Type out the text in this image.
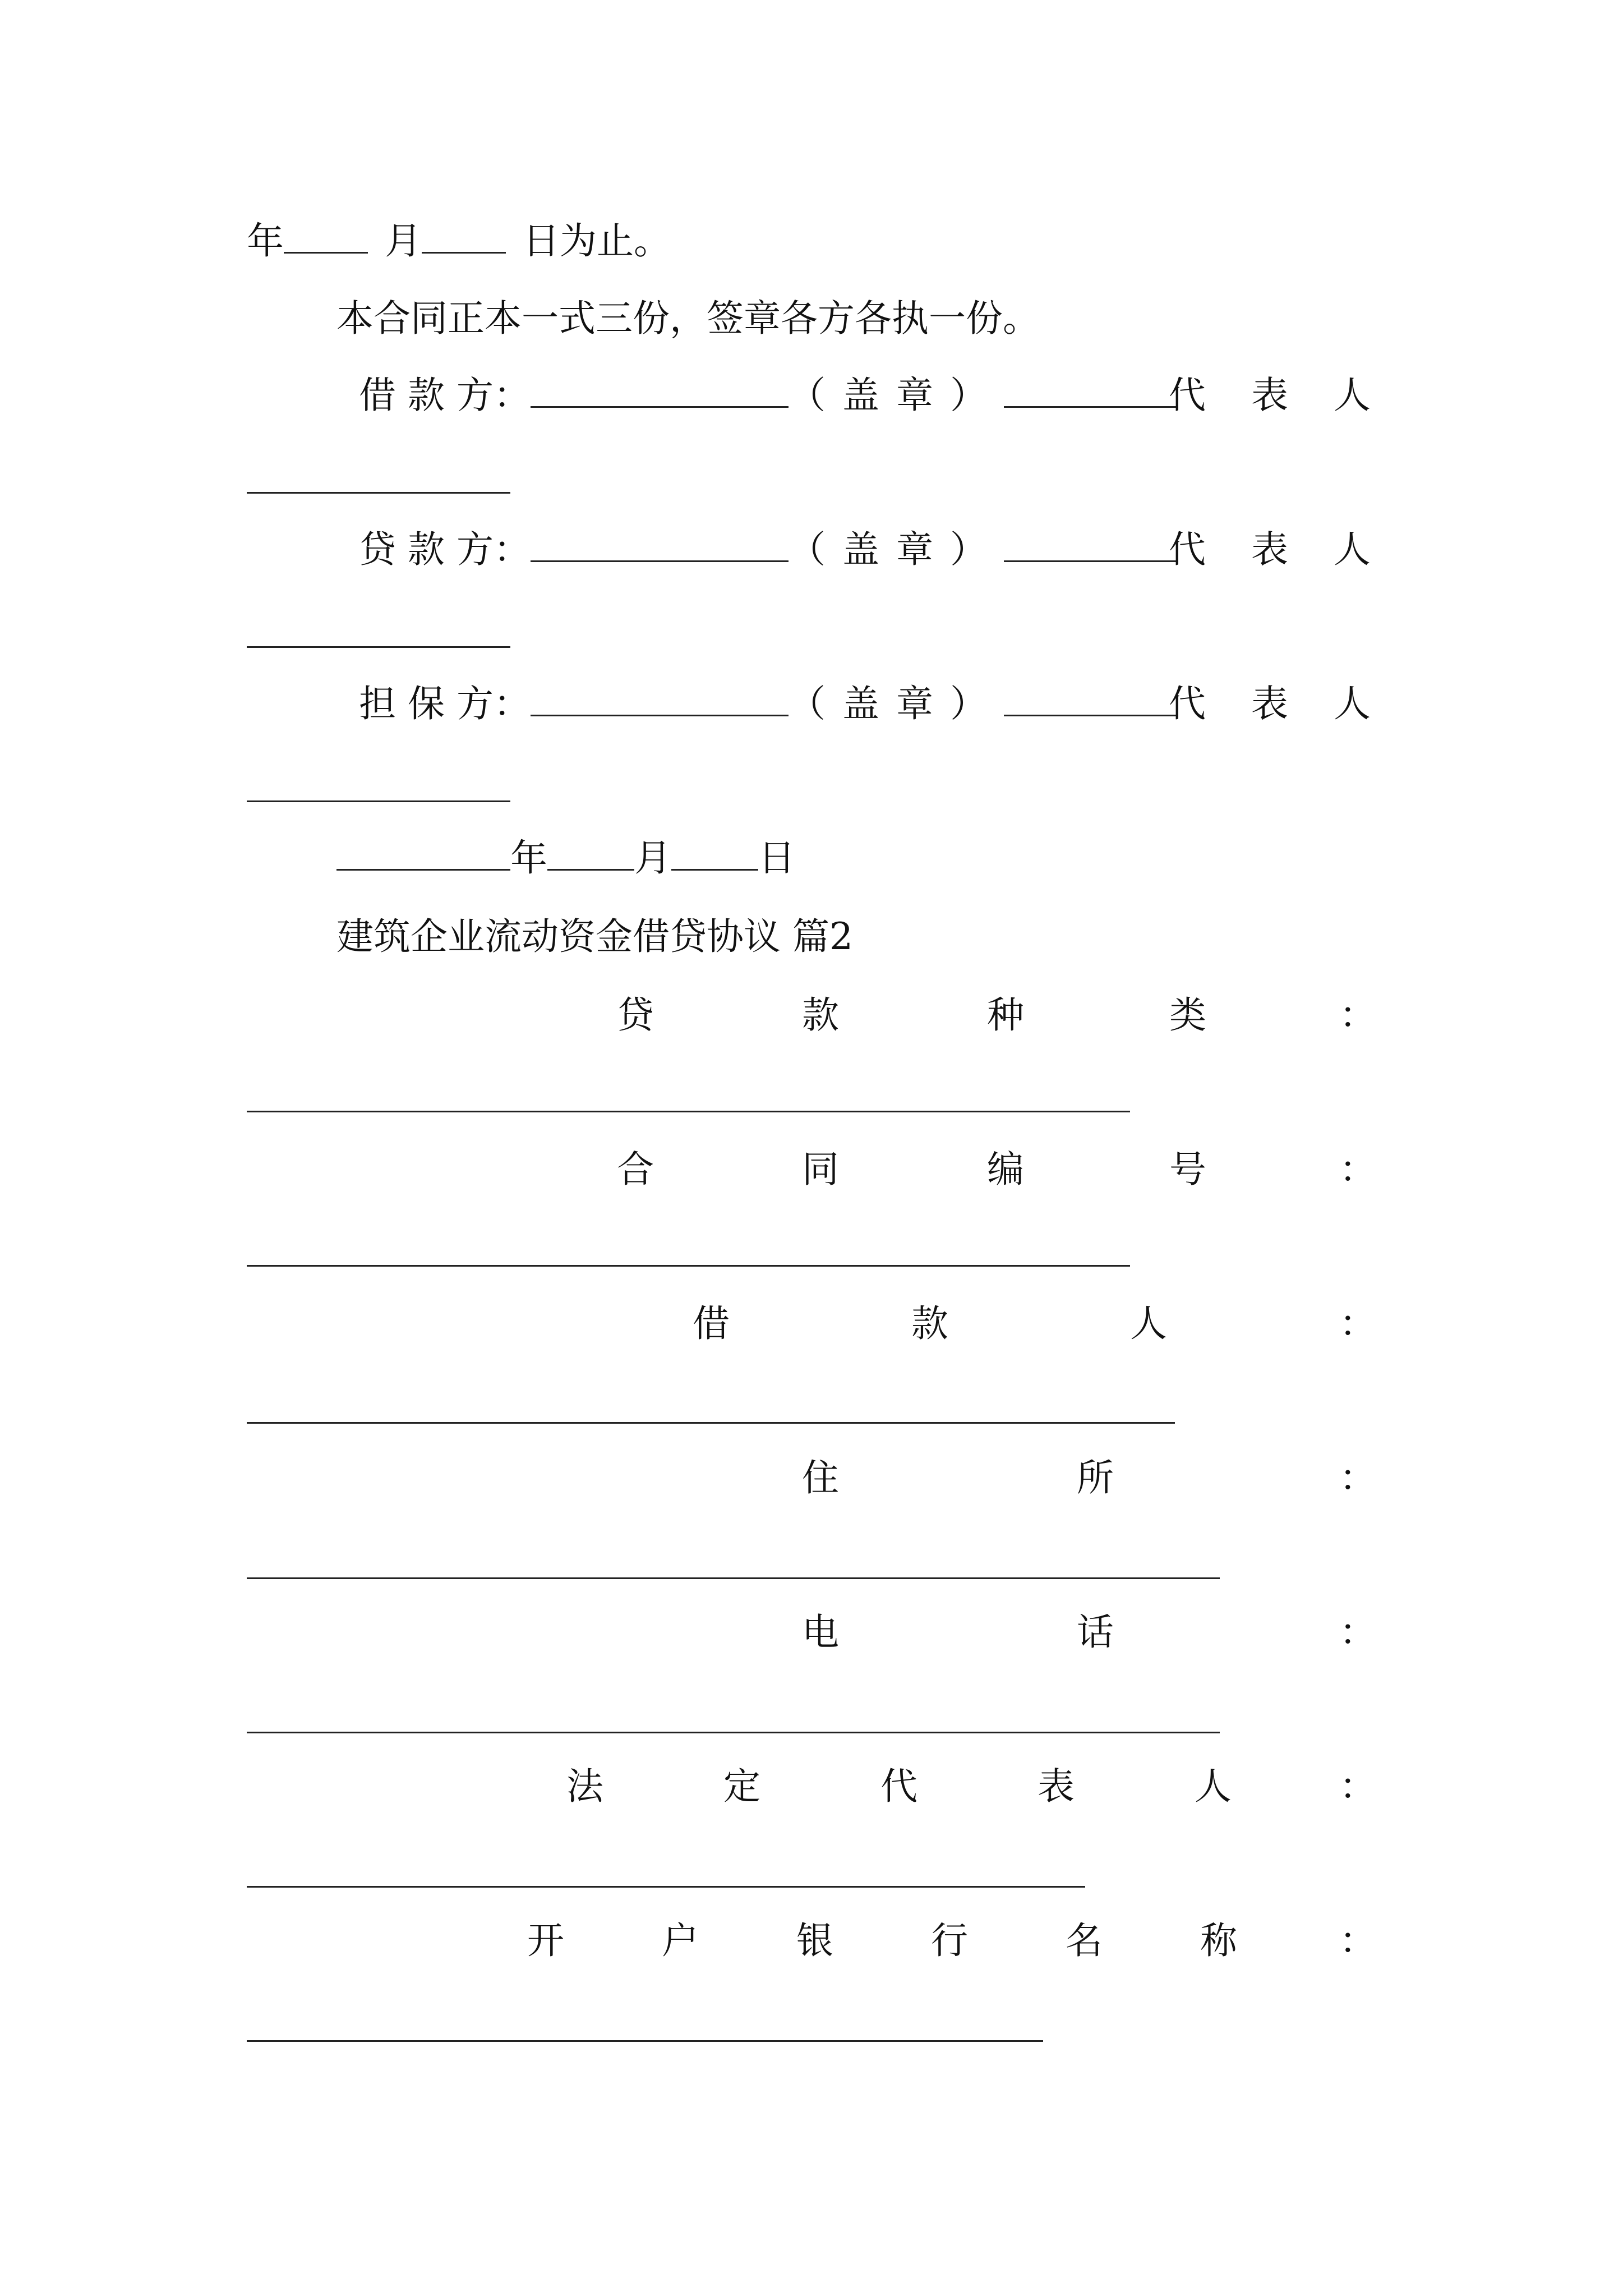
年	月	日为止。
本合同正本一式三份，签章各方各执一份。
借 款 方：	（盖章）	代 表 人
贷 款 方：	（盖章）	代 表 人
担 保 方：	（盖章）	代 表 人
年 月 日
建筑企业流动资金借贷协议 篇2
贷	款	种	类	：
合	同	编	号	：
借	款	人	：
住	所	：
电	话	：
法	定	代	表	人	：
开	户	银	行	名	称	：
